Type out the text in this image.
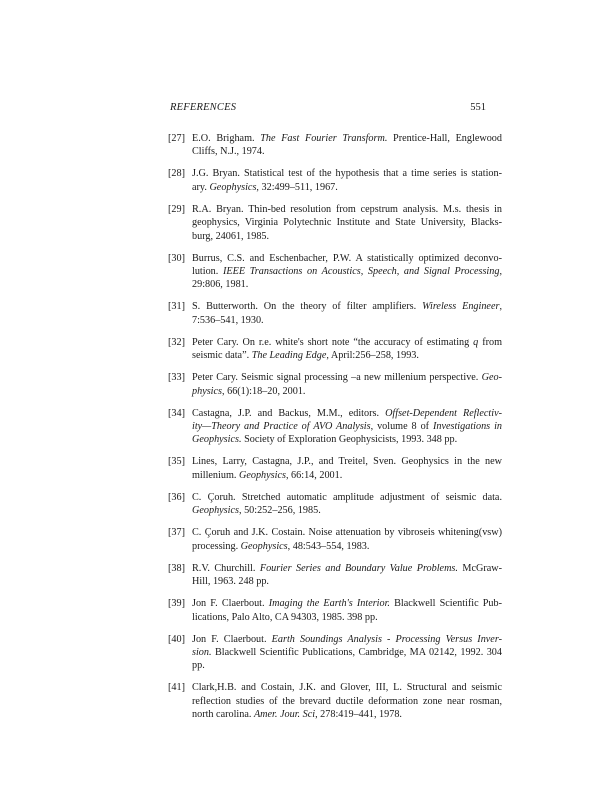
REFERENCES	551
[27] E.O. Brigham. The Fast Fourier Transform. Prentice-Hall, Englewood
Cliffs, N.J., 1974.
[28] J.G. Bryan. Statistical test of the hypothesis that a time series is station-
ary. Geophysics, 32:499–511, 1967.
[29] R.A. Bryan. Thin-bed resolution from cepstrum analysis. M.s. thesis in
geophysics, Virginia Polytechnic Institute and State University, Blacks-
burg, 24061, 1985.
[30] Burrus, C.S. and Eschenbacher, P.W. A statistically optimized deconvo-
lution. IEEE Transactions on Acoustics, Speech, and Signal Processing,
29:806, 1981.
[31] S. Butterworth. On the theory of filter amplifiers. Wireless Engineer,
7:536–541, 1930.
[32] Peter Cary. On r.e. white's short note “the accuracy of estimating q from
seismic data”. The Leading Edge, April:256–258, 1993.
[33] Peter Cary. Seismic signal processing –a new millenium perspective. Geo-
physics, 66(1):18–20, 2001.
[34] Castagna, J.P. and Backus, M.M., editors. Offset-Dependent Reflectiv-
ity—Theory and Practice of AVO Analysis, volume 8 of Investigations in
Geophysics. Society of Exploration Geophysicists, 1993. 348 pp.
[35] Lines, Larry, Castagna, J.P., and Treitel, Sven. Geophysics in the new
millenium. Geophysics, 66:14, 2001.
[36] C. Çoruh. Stretched automatic amplitude adjustment of seismic data.
Geophysics, 50:252–256, 1985.
[37] C. Çoruh and J.K. Costain. Noise attenuation by vibroseis whitening(vsw)
processing. Geophysics, 48:543–554, 1983.
[38] R.V. Churchill. Fourier Series and Boundary Value Problems. McGraw-
Hill, 1963. 248 pp.
[39] Jon F. Claerbout. Imaging the Earth's Interior. Blackwell Scientific Pub-
lications, Palo Alto, CA 94303, 1985. 398 pp.
[40] Jon F. Claerbout. Earth Soundings Analysis - Processing Versus Inver-
sion. Blackwell Scientific Publications, Cambridge, MA 02142, 1992. 304
pp.
[41] Clark,H.B. and Costain, J.K. and Glover, III, L. Structural and seismic
reflection studies of the brevard ductile deformation zone near rosman,
north carolina. Amer. Jour. Sci, 278:419–441, 1978.
